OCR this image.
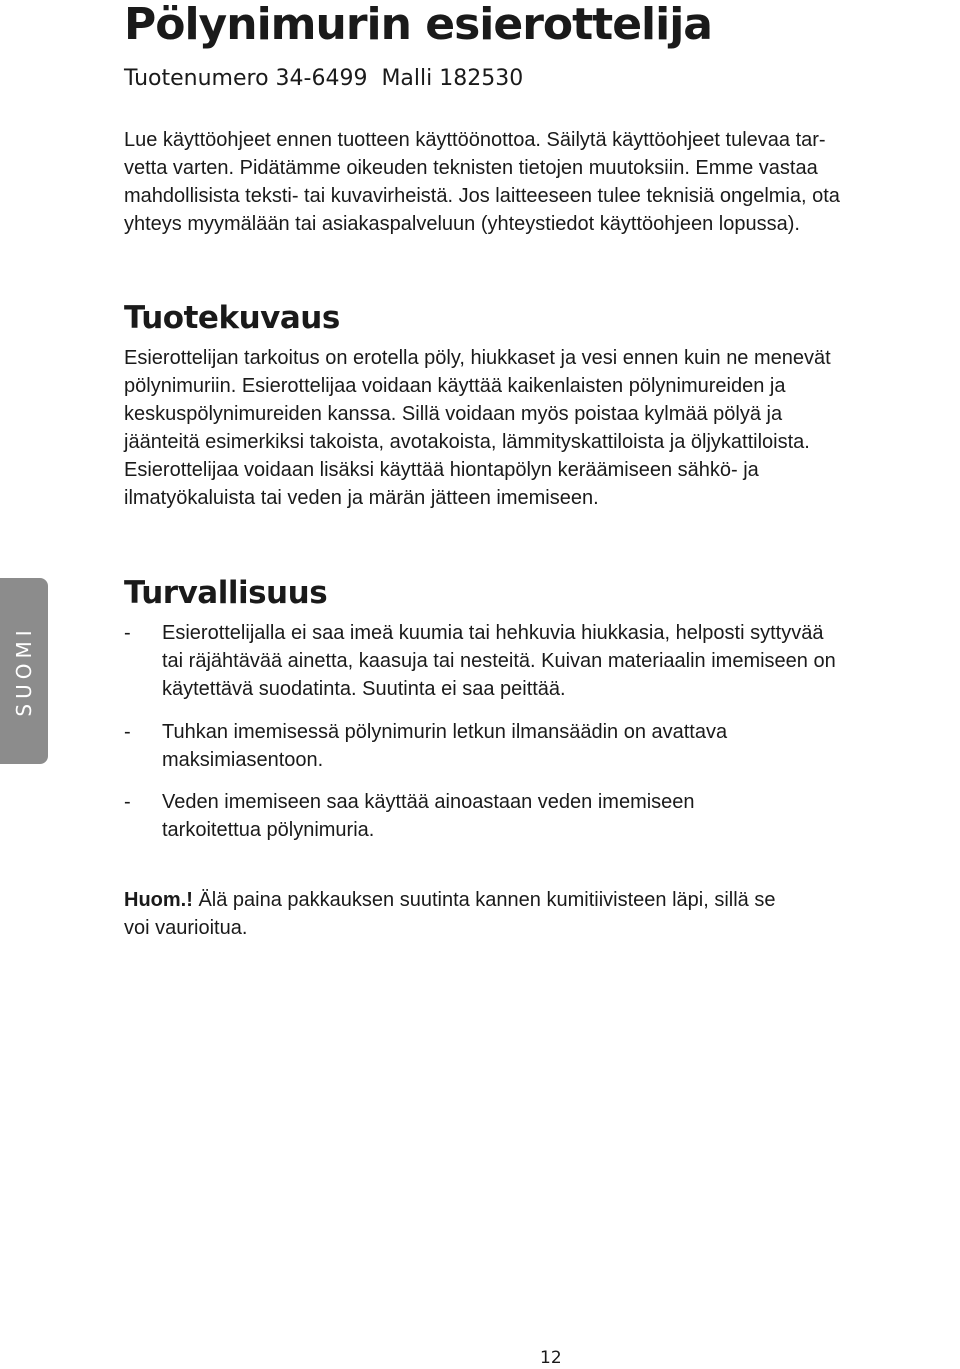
Pölynimurin esierottelija
Tuotenumero 34-6499 Malli 182530

Lue käyttöohjeet ennen tuotteen käyttöönottoa. Säilytä käyttöohjeet tulevaa tar-
vetta varten. Pidätämme oikeuden teknisten tietojen muutoksiin. Emme vastaa
mahdollisista teksti- tai kuvavirheistä. Jos laitteeseen tulee teknisiä ongelmia, ota
yhteys myymälään tai asiakaspalveluun (yhteystiedot käyttöohjeen lopussa).

Tuotekuvaus

Esierottelijan tarkoitus on erotella pöly, hiukkaset ja vesi ennen kuin ne menevät
pölynimuriin. Esierottelijaa voidaan käyttää kaikenlaisten pölynimureiden ja
keskuspölynimureiden kanssa. Sillä voidaan myös poistaa kylmää pölyä ja
jäänteitä esimerkiksi takoista, avotakoista, lämmityskattiloista ja öljykattiloista.
Esierottelijaa voidaan lisäksi käyttää hiontapölyn keräämiseen sähkö- ja
ilmatyökaluista tai veden ja märän jätteen imemiseen.

SUOMI
Turvallisuus
- Esierottelijalla ei saa imeä kuumia tai hehkuvia hiukkasia, helposti syttyvää
tai räjähtävää ainetta, kaasuja tai nesteitä. Kuivan materiaalin imemiseen on
käytettävä suodatinta. Suutinta ei saa peittää.
- Tuhkan imemisessä pölynimurin letkun ilmansäädin on avattava
maksimiasentoon.
- Veden imemiseen saa käyttää ainoastaan veden imemiseen
tarkoitettua pölynimuria.
Huom.! Älä paina pakkauksen suutinta kannen kumitiivisteen läpi, sillä se
voi vaurioitua.
12
